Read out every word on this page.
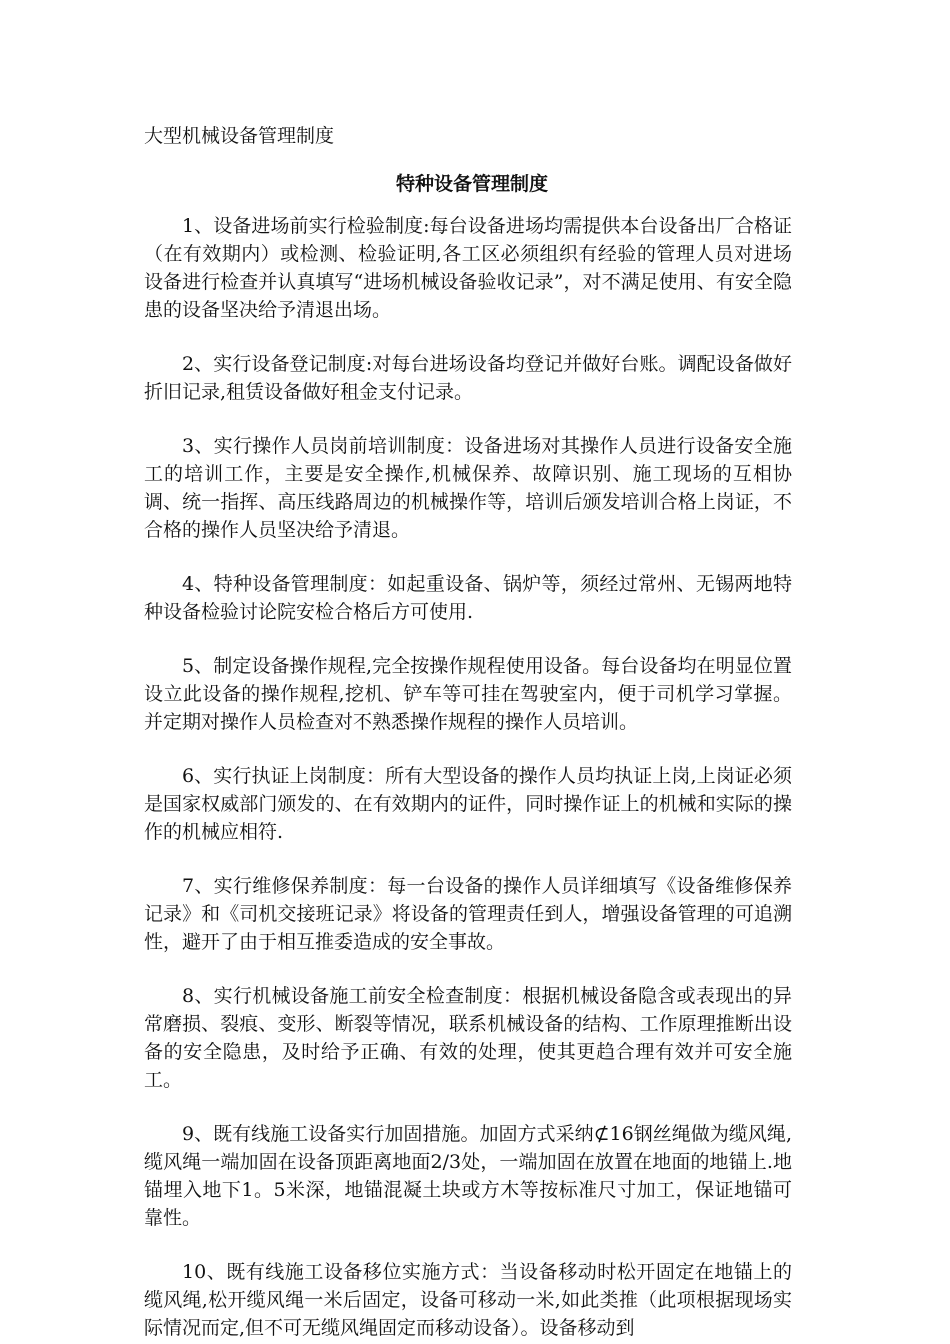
大型机械设备管理制度
特种设备管理制度

1、设备进场前实行检验制度:每台设备进场均需提供本台设备出厂合格证（在有效期内）或检测、检验证明,各工区必须组织有经验的管理人员对进场设备进行检查并认真填写“进场机械设备验收记录”，对不满足使用、有安全隐患的设备坚决给予清退出场。

2、实行设备登记制度:对每台进场设备均登记并做好台账。调配设备做好折旧记录,租赁设备做好租金支付记录。

3、实行操作人员岗前培训制度：设备进场对其操作人员进行设备安全施工的培训工作，主要是安全操作,机械保养、故障识别、施工现场的互相协调、统一指挥、高压线路周边的机械操作等，培训后颁发培训合格上岗证，不合格的操作人员坚决给予清退。

4、特种设备管理制度：如起重设备、锅炉等，须经过常州、无锡两地特种设备检验讨论院安检合格后方可使用.

5、制定设备操作规程,完全按操作规程使用设备。每台设备均在明显位置设立此设备的操作规程,挖机、铲车等可挂在驾驶室内，便于司机学习掌握。并定期对操作人员检查对不熟悉操作规程的操作人员培训。

6、实行执证上岗制度：所有大型设备的操作人员均执证上岗,上岗证必须是国家权威部门颁发的、在有效期内的证件，同时操作证上的机械和实际的操作的机械应相符.

7、实行维修保养制度：每一台设备的操作人员详细填写《设备维修保养记录》和《司机交接班记录》将设备的管理责任到人，增强设备管理的可追溯性，避开了由于相互推委造成的安全事故。

8、实行机械设备施工前安全检查制度：根据机械设备隐含或表现出的异常磨损、裂痕、变形、断裂等情况，联系机械设备的结构、工作原理推断出设备的安全隐患，及时给予正确、有效的处理，使其更趋合理有效并可安全施工。

9、既有线施工设备实行加固措施。加固方式采纳⊄16钢丝绳做为缆风绳,缆风绳一端加固在设备顶距离地面2/3处，一端加固在放置在地面的地锚上.地锚埋入地下1。5米深，地锚混凝土块或方木等按标准尺寸加工，保证地锚可靠性。

10、既有线施工设备移位实施方式：当设备移动时松开固定在地锚上的缆风绳,松开缆风绳一米后固定，设备可移动一米,如此类推（此项根据现场实际情况而定,但不可无缆风绳固定而移动设备）。设备移动到
